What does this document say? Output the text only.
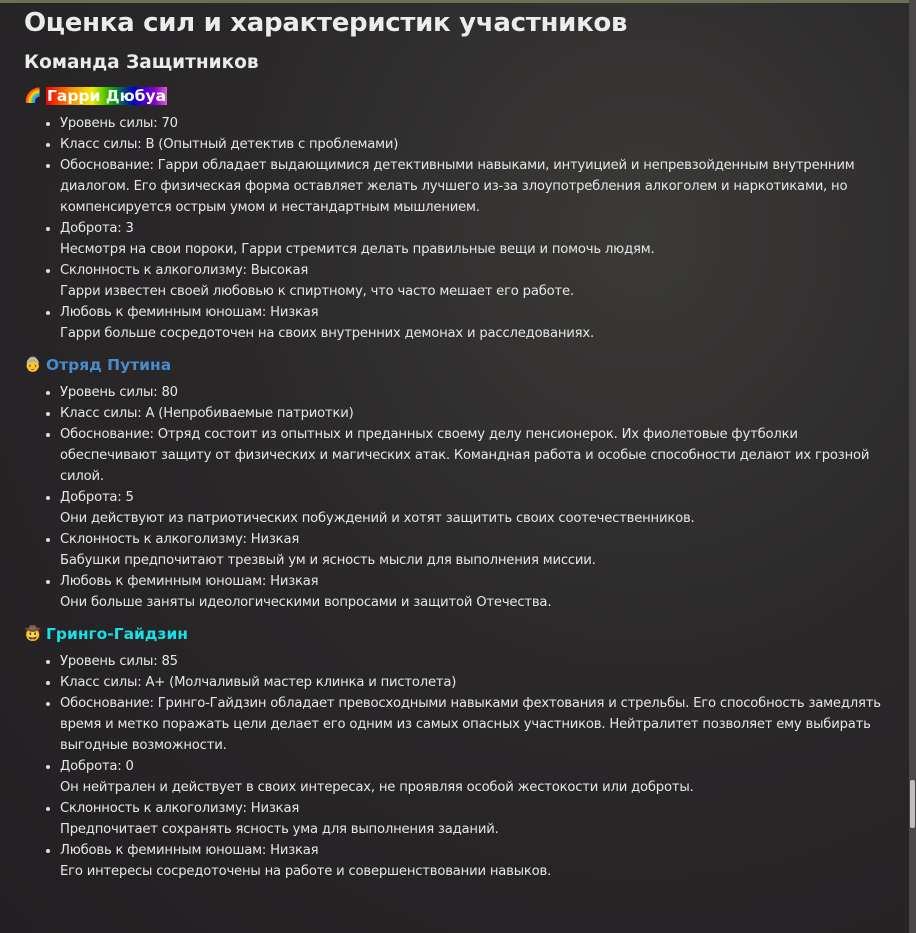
Оценка сил и характеристик участников
Команда Защитников
🌈 Гарри Дюбуа
• Уровень силы: 70
• Класс силы: B (Опытный детектив с проблемами)
• Обоснование: Гарри обладает выдающимися детективными навыками, интуицией и непревзойденным внутренним диалогом. Его физическая форма оставляет желать лучшего из-за злоупотребления алкоголем и наркотиками, но компенсируется острым умом и нестандартным мышлением.
• Доброта: 3
Несмотря на свои пороки, Гарри стремится делать правильные вещи и помочь людям.
• Склонность к алкоголизму: Высокая
Гарри известен своей любовью к спиртному, что часто мешает его работе.
• Любовь к феминным юношам: Низкая
Гарри больше сосредоточен на своих внутренних демонах и расследованиях.
👵 Отряд Путина
• Уровень силы: 80
• Класс силы: A (Непробиваемые патриотки)
• Обоснование: Отряд состоит из опытных и преданных своему делу пенсионерок. Их фиолетовые футболки обеспечивают защиту от физических и магических атак. Командная работа и особые способности делают их грозной силой.
• Доброта: 5
Они действуют из патриотических побуждений и хотят защитить своих соотечественников.
• Склонность к алкоголизму: Низкая
Бабушки предпочитают трезвый ум и ясность мысли для выполнения миссии.
• Любовь к феминным юношам: Низкая
Они больше заняты идеологическими вопросами и защитой Отечества.
🤠 Гринго-Гайдзин
• Уровень силы: 85
• Класс силы: A+ (Молчаливый мастер клинка и пистолета)
• Обоснование: Гринго-Гайдзин обладает превосходными навыками фехтования и стрельбы. Его способность замедлять время и метко поражать цели делает его одним из самых опасных участников. Нейтралитет позволяет ему выбирать выгодные возможности.
• Доброта: 0
Он нейтрален и действует в своих интересах, не проявляя особой жестокости или доброты.
• Склонность к алкоголизму: Низкая
Предпочитает сохранять ясность ума для выполнения заданий.
• Любовь к феминным юношам: Низкая
Его интересы сосредоточены на работе и совершенствовании навыков.
